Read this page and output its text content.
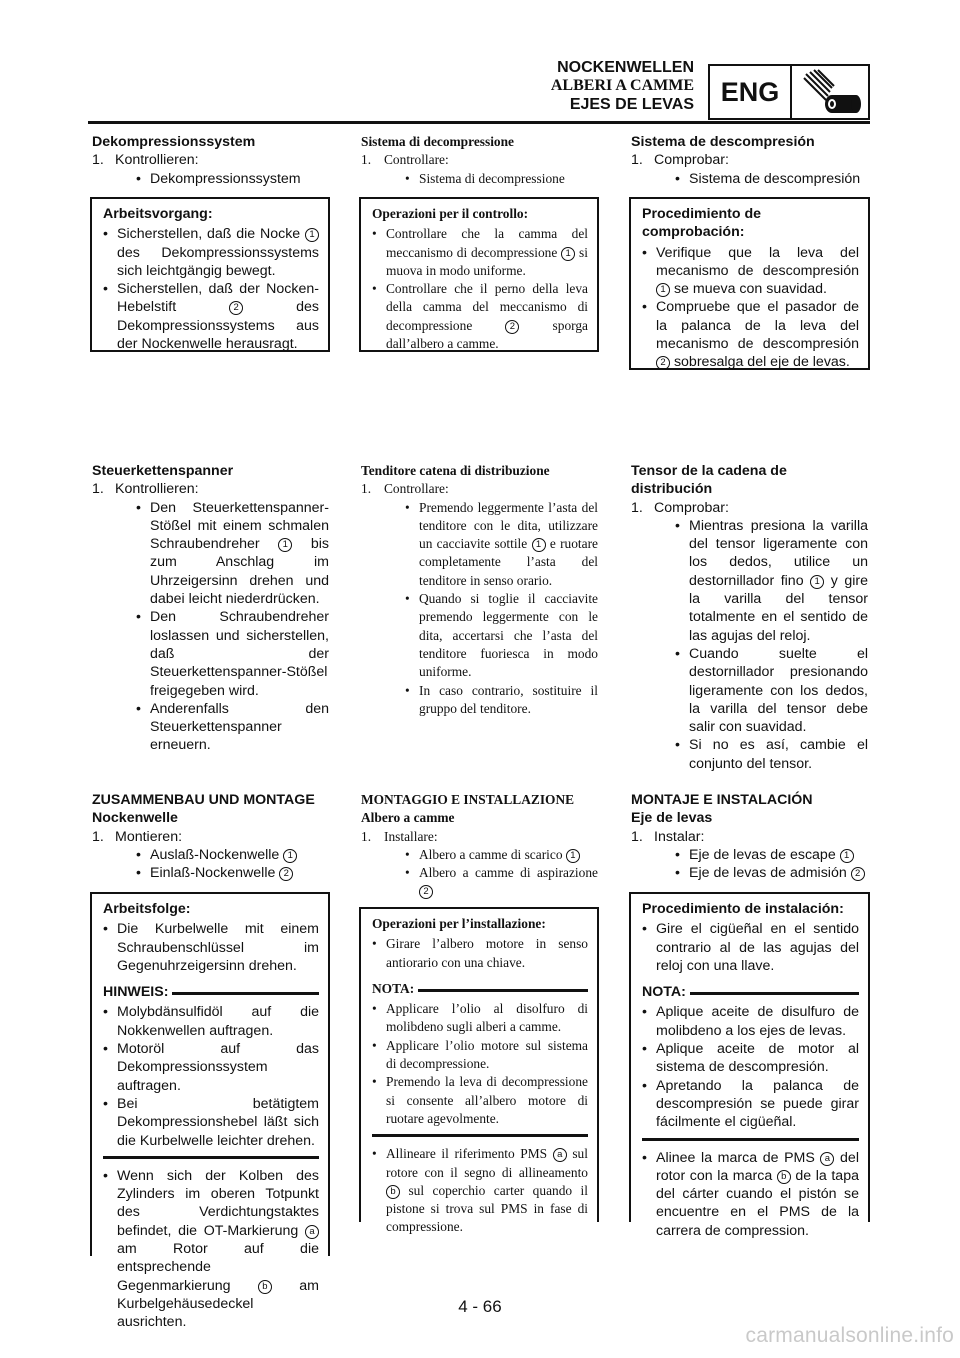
NOCKENWELLEN
ALBERI A CAMME
EJES DE LEVAS ENG

Dekompressionssystem

1. Kontrollieren:

• Dekompressionssystem

Arbeitsvorgang:

• Sicherstellen, daß die Nocke 1 des Dekompressionssystems sich leichtgängig bewegt.

• Sicherstellen, daß der Nocken-Hebelstift	2	des Dekompressionssystems aus der Nockenwelle herausragt.

Steuerkettenspanner

1. Kontrollieren:

• Den Steuerkettenspanner-Stößel mit einem schmalen Schraubendreher 1 bis zum Anschlag im Uhrzeigersinn drehen und dabei leicht niederdrücken.

• Den Schraubendreher loslassen und sicherstellen, daß der Steuerkettenspanner-Stößel freigegeben wird.

• Anderenfalls den Steuerkettenspanner erneuern.

ZUSAMMENBAU UND MONTAGE

Nockenwelle

1. Montieren:

• Auslaß-Nockenwelle 1

• Einlaß-Nockenwelle 2

Arbeitsfolge:

• Die Kurbelwelle mit einem Schraubenschlüssel im Gegenuhrzeigersinn drehen.

HINWEIS:

• Molybdänsulfidöl auf die Nokkenwellen auftragen.

• Motoröl auf das Dekompressionssystem auftragen.

• Bei betätigtem Dekompressionshebel läßt sich die Kurbelwelle leichter drehen.

• Wenn sich der Kolben des Zylinders im oberen Totpunkt des Verdichtungstaktes befindet, die OT-Markierung a am Rotor auf die entsprechende Gegenmarkierung	b am Kurbelgehäusedeckel ausrichten.

Sistema di decompressione

1. Controllare:

• Sistema di decompressione

Operazioni per il controllo:

• Controllare che la camma del meccanismo di decompressione 1 si muova in modo uniforme.

• Controllare che il perno della leva della camma del meccanismo di decompressione	2	sporga dall’albero a camme.

Tenditore catena di distribuzione

1. Controllare:

• Premendo leggermente l’asta del tenditore con le dita, utilizzare un cacciavite sottile 1 e ruotare completamente l’asta del tenditore in senso orario.

• Quando si toglie il cacciavite premendo leggermente con le dita, accertarsi che l’asta del tenditore fuoriesca in modo uniforme.

• In caso contrario, sostituire il gruppo del tenditore.

MONTAGGIO E INSTALLAZIONE

Albero a camme

1. Installare:

• Albero a camme di scarico 1

• Albero a camme di aspirazione 2

Operazioni per l’installazione:

• Girare l’albero motore in senso antiorario con una chiave.

NOTA:

• Applicare l’olio al disolfuro di molibdeno sugli alberi a camme.

• Applicare l’olio motore sul sistema di decompressione.

• Premendo la leva di decompressione si consente all’albero motore di ruotare agevolmente.

• Allineare il riferimento PMS a sul rotore con il segno di allineamento b sul coperchio carter quando il pistone si trova sul PMS in fase di compressione.

Sistema de descompresión

1. Comprobar:

• Sistema de descompresión

Procedimiento de comprobación:

• Verifique que la leva del mecanismo de descompresión 1 se mueva con suavidad.

• Compruebe que el pasador de la palanca de la leva del mecanismo de descompresión 2 sobresalga del eje de levas.

Tensor de la cadena de distribución

1. Comprobar:

• Mientras presiona la varilla del tensor ligeramente con los dedos, utilice un destornillador fino 1 y gire la varilla del tensor totalmente en el sentido de las agujas del reloj.

• Cuando suelte el destornillador presionando ligeramente con los dedos, la varilla del tensor debe salir con suavidad.

• Si no es así, cambie el conjunto del tensor.

MONTAJE E INSTALACIÓN

Eje de levas

1. Instalar:

• Eje de levas de escape 1

• Eje de levas de admisión 2

Procedimiento de instalación:

• Gire el cigüeñal en el sentido contrario al de las agujas del reloj con una llave.

NOTA:

• Aplique aceite de disulfuro de molibdeno a los ejes de levas.

• Aplique aceite de motor al sistema de descompresión.

• Apretando la palanca de descompresión se puede girar fácilmente el cigüeñal.

• Alinee la marca de PMS a del rotor con la marca b de la tapa del cárter cuando el pistón se encuentre en el PMS de la carrera de compression.

4 - 66
carmanualsonline.info
